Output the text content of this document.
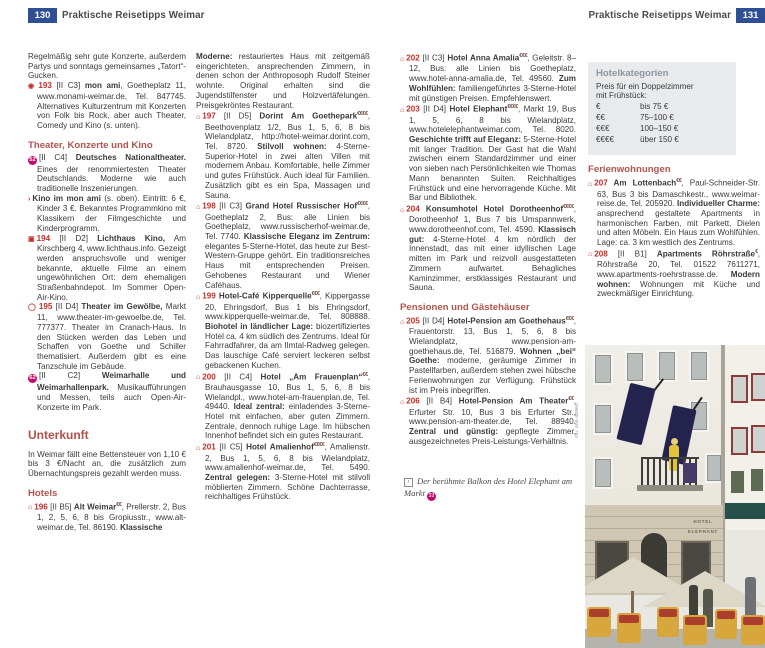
130	Praktische Reisetipps Weimar	Praktische Reisetipps Weimar	131
Regelmäßig sehr gute Konzerte, außerdem Partys und sonntags gemeinsames „Tatort“-Gucken.
◉ 193 [II C3] mon ami, Goetheplatz 11, www.monami-weimar.de, Tel. 847745. Alternatives Kulturzentrum mit Konzerten von Folk bis Rock, aber auch Theater, Comedy und Kino (s. unten).
Theater, Konzerte und Kino
52 [II C4] Deutsches Nationaltheater. Eines der renommiertesten Theater Deutschlands. Moderne wie auch traditionelle Inszenierungen.
› Kino im mon ami (s. oben). Eintritt: 6 €, Kinder 3 €. Bekanntes Programmkino mit Klassikern der Filmgeschichte und Kinderprogramm.
▣ 194 [II D2] Lichthaus Kino, Am Kirschberg 4, www.lichthaus.info. Gezeigt werden anspruchsvolle und weniger bekannte, aktuelle Filme an einem ungewöhnlichen Ort: dem ehemaligen Straßenbahndepot. Im Sommer Open-Air-Kino.
◯ 195 [II D4] Theater im Gewölbe, Markt 11, www.theater-im-gewoelbe.de, Tel. 777377. Theater im Cranach-Haus. In den Stücken werden das Leben und Schaffen von Goethe und Schiller thematisiert. Außerdem gibt es eine Tanzschule im Gebäude.
62 [II C2] Weimarhalle und Weimarhallenpark. Musikaufführungen und Messen, teils auch Open-Air-Konzerte im Park.
Unterkunft
In Weimar fällt eine Bettensteuer von 1,10 € bis 3 €/Nacht an, die zusätzlich zum Übernachtungspreis gezahlt werden muss.
Hotels
⌂ 196 [II B5] Alt Weimar€€, Prellerstr. 2, Bus 1, 2, 5, 6, 8 bis Gropiusstr., www.alt-weimar.de, Tel. 86190. Klassische
Moderne: restauriertes Haus mit zeitgemäß eingerichteten, ansprechenden Zimmern, in denen schon der Anthroposoph Rudolf Steiner wohnte. Original erhalten sind die Jugendstilfenster und Holzvertäfelungen. Preisgekröntes Restaurant.
⌂ 197 [II D5] Dorint Am Goethepark€€€€, Beethovenplatz 1/2, Bus 1, 5, 6, 8 bis Wielandplatz, http://hotel-weimar.dorint.com, Tel. 8720. Stilvoll wohnen: 4-Sterne-Superior-Hotel in zwei alten Villen mit modernem Anbau. Komfortable, helle Zimmer und gutes Frühstück. Auch ideal für Familien. Zusätzlich gibt es ein Spa, Massagen und Sauna.
⌂ 198 [II C3] Grand Hotel Russischer Hof€€€€, Goetheplatz 2, Bus: alle Linien bis Goetheplatz, www.russischerhof-weimar.de, Tel. 7740. Klassische Eleganz im Zentrum: elegantes 5-Sterne-Hotel, das heute zur Best-Western-Gruppe gehört. Ein traditionsreiches Haus mit entsprechenden Preisen. Gehobenes Restaurant und Wiener Caféhaus.
⌂ 199 Hotel-Café Kipperquelle€€€, Kippergasse 20, Ehringsdorf, Bus 1 bis Ehringsdorf, www.kipperquelle-weimar.de, Tel. 808888. Biohotel in ländlicher Lage: biozertifiziertes Hotel ca. 4 km südlich des Zentrums. Ideal für Fahrradfahrer, da am Ilmtal-Radweg gelegen. Das lauschige Café serviert leckeren selbst gebackenen Kuchen.
⌂ 200 [II C4] Hotel „Am Frauenplan“€€, Brauhausgasse 10, Bus 1, 5, 6, 8 bis Wielandpl., www.hotel-am-frauenplan.de, Tel. 49440. Ideal zentral: einladendes 3-Sterne-Hotel mit einfachen, aber guten Zimmern. Zentrale, dennoch ruhige Lage. Im hübschen Innenhof befindet sich ein gutes Restaurant.
⌂ 201 [II C5] Hotel Amalienhof€€€€, Amalienstr. 2, Bus 1, 5, 6, 8 bis Wielandplatz, www.amalienhof-weimar.de, Tel. 5490. Zentral gelegen: 3-Sterne-Hotel mit stilvoll möblierten Zimmern. Schöne Dachterrasse, reichhaltiges Frühstück.
⌂ 202 [II C3] Hotel Anna Amalia€€€, Geleitstr. 8–12, Bus: alle Linien bis Goetheplatz, www.hotel-anna-amalia.de, Tel. 49560. Zum Wohlfühlen: familiengeführtes 3-Sterne-Hotel mit günstigen Preisen. Empfehlenswert.
⌂ 203 [II D4] Hotel Elephant€€€€, Markt 19, Bus 1, 5, 6, 8 bis Wielandplatz, www.hotelelephantweimar.com, Tel. 8020. Geschichte trifft auf Eleganz: 5-Sterne-Hotel mit langer Tradition. Der Gast hat die Wahl zwischen einem Standardzimmer und einer von sieben nach Persönlichkeiten wie Thomas Mann benannten Suiten. Reichhaltiges Frühstück und eine hervorragende Küche. Mit Bar und Bibliothek.
⌂ 204 Konsumhotel Hotel Dorotheenhof€€€€, Dorotheenhof 1, Bus 7 bis Umspannwerk, www.dorotheenhof.com, Tel. 4590. Klassisch gut: 4-Sterne-Hotel 4 km nördlich der Innenstadt, das mit einer idyllischen Lage mitten im Park und reizvoll ausgestatteten Zimmern aufwartet. Behagliches Kaminzimmer, erstklassiges Restaurant und Sauna.
Pensionen und Gästehäuser
⌂ 205 [II D4] Hotel-Pension am Goethehaus€€€, Frauentorstr. 13, Bus 1, 5, 6, 8 bis Wielandplatz, www.pension-am-goethehaus.de, Tel. 516879. Wohnen „bei“ Goethe: moderne, geräumige Zimmer in Pastellfarben, außerdem stehen zwei hübsche Ferienwohnungen zur Verfügung. Frühstück ist im Preis inbegriffen.
⌂ 206 [II B4] Hotel-Pension Am Theater€€, Erfurter Str. 10, Bus 3 bis Erfurter Str., www.pension-am-theater.de, Tel. 88940. Zentral und günstig: gepflegte Zimmer, ausgezeichnetes Preis-Leistungs-Verhältnis.
› Der berühmte Balkon des Hotel Elephant am Markt 51
Hotelkategorien
Preis für ein Doppelzimmer
mit Frühstück:
€	bis 75 €
€€	75–100 €
€€€	100–150 €
€€€€	über 150 €
Ferienwohnungen
⌂ 207 Am Lottenbach€€, Paul-Schneider-Str. 63, Bus 3 bis Damaschkestr., www.weimar-reise.de, Tel. 205920. Individueller Charme: ansprechend gestaltete Apartments in harmonischen Farben, mit Parkett, Dielen und alten Möbeln. Ein Haus zum Wohlfühlen. Lage: ca. 3 km westlich des Zentrums.
⌂ 208 [II B1] Apartments Röhrstraße€, Röhrstraße 20, Tel. 01522 7611271, www.apartments-roehrstrasse.de. Modern wohnen: Wohnungen mit Küche und zweckmäßiger Einrichtung.
mu: 405-48960
HOTEL ELEPHANT
